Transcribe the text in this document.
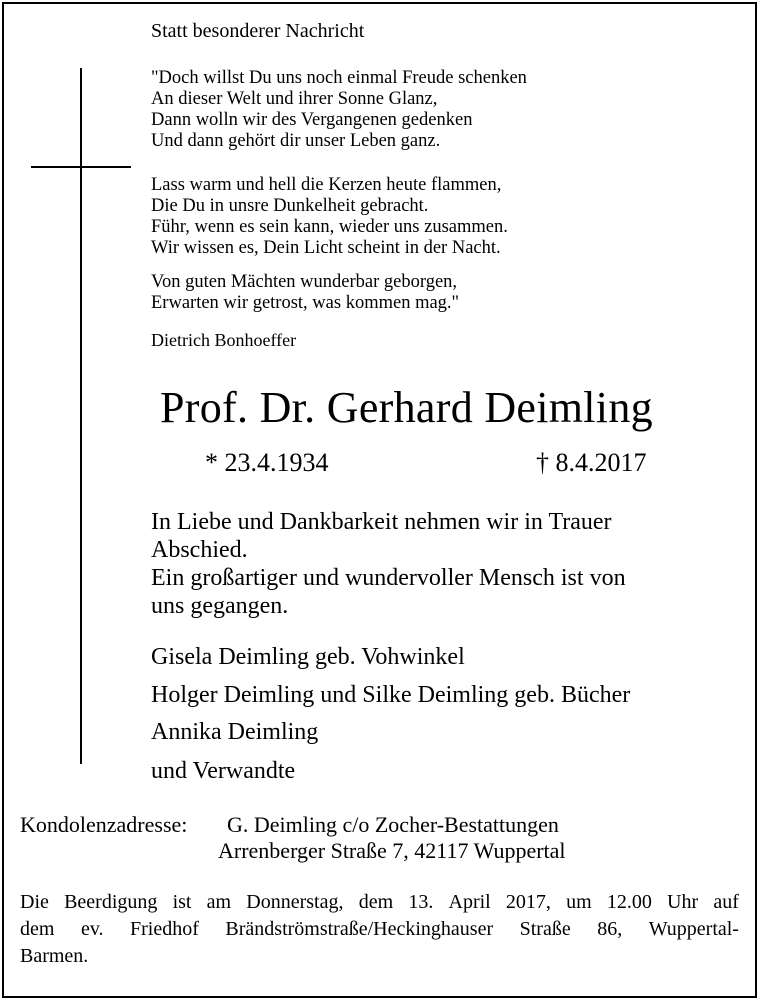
Statt besonderer Nachricht
"Doch willst Du uns noch einmal Freude schenken
An dieser Welt und ihrer Sonne Glanz,
Dann wolln wir des Vergangenen gedenken
Und dann gehört dir unser Leben ganz.
Lass warm und hell die Kerzen heute flammen,
Die Du in unsre Dunkelheit gebracht.
Führ, wenn es sein kann, wieder uns zusammen.
Wir wissen es, Dein Licht scheint in der Nacht.
Von guten Mächten wunderbar geborgen,
Erwarten wir getrost, was kommen mag."
Dietrich Bonhoeffer
Prof. Dr. Gerhard Deimling
* 23.4.1934	† 8.4.2017
In Liebe und Dankbarkeit nehmen wir in Trauer
Abschied.
Ein großartiger und wundervoller Mensch ist von
uns gegangen.
Gisela Deimling geb. Vohwinkel
Holger Deimling und Silke Deimling geb. Bücher
Annika Deimling
und Verwandte
Kondolenzadresse: G. Deimling c/o Zocher-Bestattungen
Arrenberger Straße 7, 42117 Wuppertal
Die Beerdigung ist am Donnerstag, dem 13. April 2017, um 12.00 Uhr auf
dem ev. Friedhof Brändströmstraße/Heckinghauser Straße 86, Wuppertal-
Barmen.
